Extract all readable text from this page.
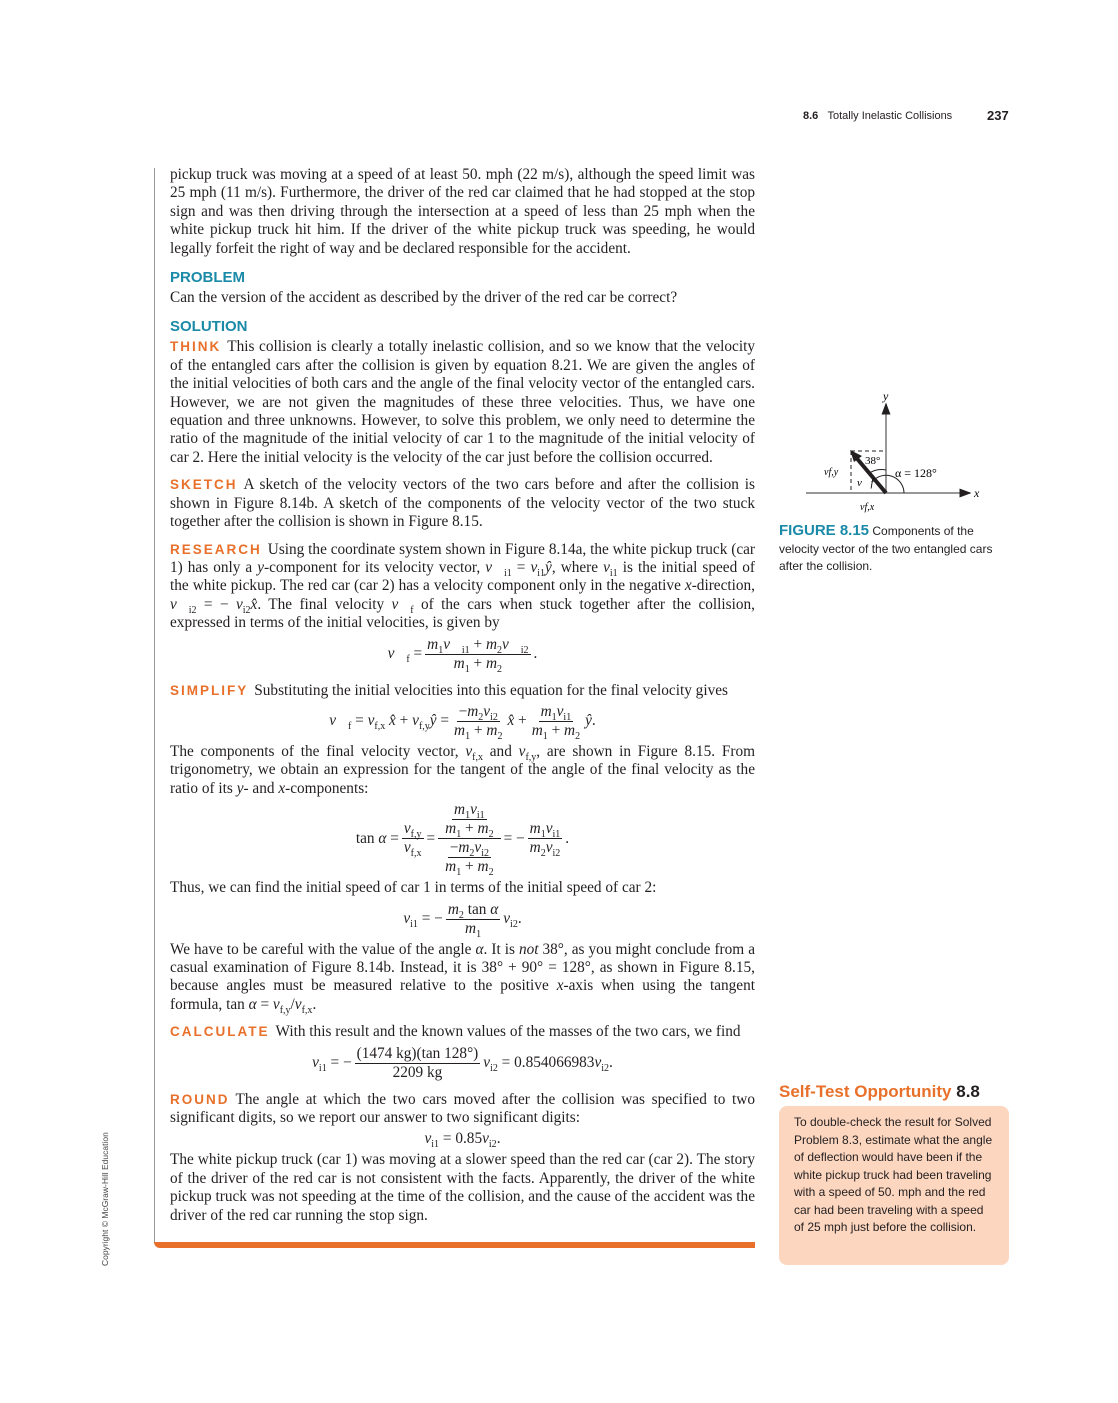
8.6 Totally Inelastic Collisions	237
pickup truck was moving at a speed of at least 50. mph (22 m/s), although the speed limit was 25 mph (11 m/s). Furthermore, the driver of the red car claimed that he had stopped at the stop sign and was then driving through the intersection at a speed of less than 25 mph when the white pickup truck hit him. If the driver of the white pickup truck was speeding, he would legally forfeit the right of way and be declared responsible for the accident.
PROBLEM
Can the version of the accident as described by the driver of the red car be correct?
SOLUTION
THINK This collision is clearly a totally inelastic collision, and so we know that the velocity of the entangled cars after the collision is given by equation 8.21. We are given the angles of the initial velocities of both cars and the angle of the final velocity vector of the entangled cars. However, we are not given the magnitudes of these three velocities. Thus, we have one equation and three unknowns. However, to solve this problem, we only need to determine the ratio of the magnitude of the initial velocity of car 1 to the magnitude of the initial velocity of car 2. Here the initial velocity is the velocity of the car just before the collision occurred.
SKETCH A sketch of the velocity vectors of the two cars before and after the collision is shown in Figure 8.14b. A sketch of the components of the velocity vector of the two stuck together after the collision is shown in Figure 8.15.
RESEARCH Using the coordinate system shown in Figure 8.14a, the white pickup truck (car 1) has only a y-component for its velocity vector, $v⃗_{i1}$ = $v_{i1}ŷ$, where $v_{i1}$ is the initial speed of the white pickup. The red car (car 2) has a velocity component only in the negative x-direction, $v⃗_{i2}$ = − $v_{i2}x̂$. The final velocity $v⃗_f$ of the cars when stuck together after the collision, expressed in terms of the initial velocities, is given by
$v⃗_f = \frac{m_1v⃗_{i1} + m_2v⃗_{i2}}{m_1 + m_2}$ .
SIMPLIFY Substituting the initial velocities into this equation for the final velocity gives
$v⃗_f = v_{f,x}$ x̂ + $v_{f,y}ŷ = \frac{-m_2v_{i2}}{m_1 + m_2}$ x̂ + $\frac{m_1v_{i1}}{m_1 + m_2}$ ŷ.
The components of the final velocity vector, $v_{f,x}$ and $v_{f,y}$, are shown in Figure 8.15. From trigonometry, we obtain an expression for the tangent of the angle of the final velocity as the ratio of its y- and x-components:
$\tan \alpha = \frac{v_{f,y}}{v_{f,x}} = \frac{\frac{m_1v_{i1}}{m_1 + m_2}}{\frac{-m_2v_{i2}}{m_1 + m_2}}$ = − $\frac{m_1v_{i1}}{m_2v_{i2}}$ .
Thus, we can find the initial speed of car 1 in terms of the initial speed of car 2:
$v_{i1}$ = − $\frac{m_2 \tan \alpha}{m_1} v_{i2}$.
We have to be careful with the value of the angle α. It is not 38°, as you might conclude from a casual examination of Figure 8.14b. Instead, it is 38° + 90° = 128°, as shown in Figure 8.15, because angles must be measured relative to the positive x-axis when using the tangent formula, $\tan \alpha = v_{f,y}/v_{f,x}$.
CALCULATE With this result and the known values of the masses of the two cars, we find
$v_{i1}$ = − $\frac{(1474 kg)(\tan 128^\circ)}{2209 kg} v_{i2} = 0.854066983v_{i2}$.
ROUND The angle at which the two cars moved after the collision was specified to two significant digits, so we report our answer to two significant digits:
$v_{i1} = 0.85v_{i2}$.
The white pickup truck (car 1) was moving at a slower speed than the red car (car 2). The story of the driver of the red car is not consistent with the facts. Apparently, the driver of the white pickup truck was not speeding at the time of the collision, and the cause of the accident was the driver of the red car running the stop sign.
y
x
38°
α = 128°
vf,y
v⃗f
vf,x
FIGURE 8.15 Components of the velocity vector of the two entangled cars after the collision.
Self-Test Opportunity 8.8
To double-check the result for Solved Problem 8.3, estimate what the angle of deflection would have been if the white pickup truck had been traveling with a speed of 50. mph and the red car had been traveling with a speed of 25 mph just before the collision.
Copyright © McGraw-Hill Education
